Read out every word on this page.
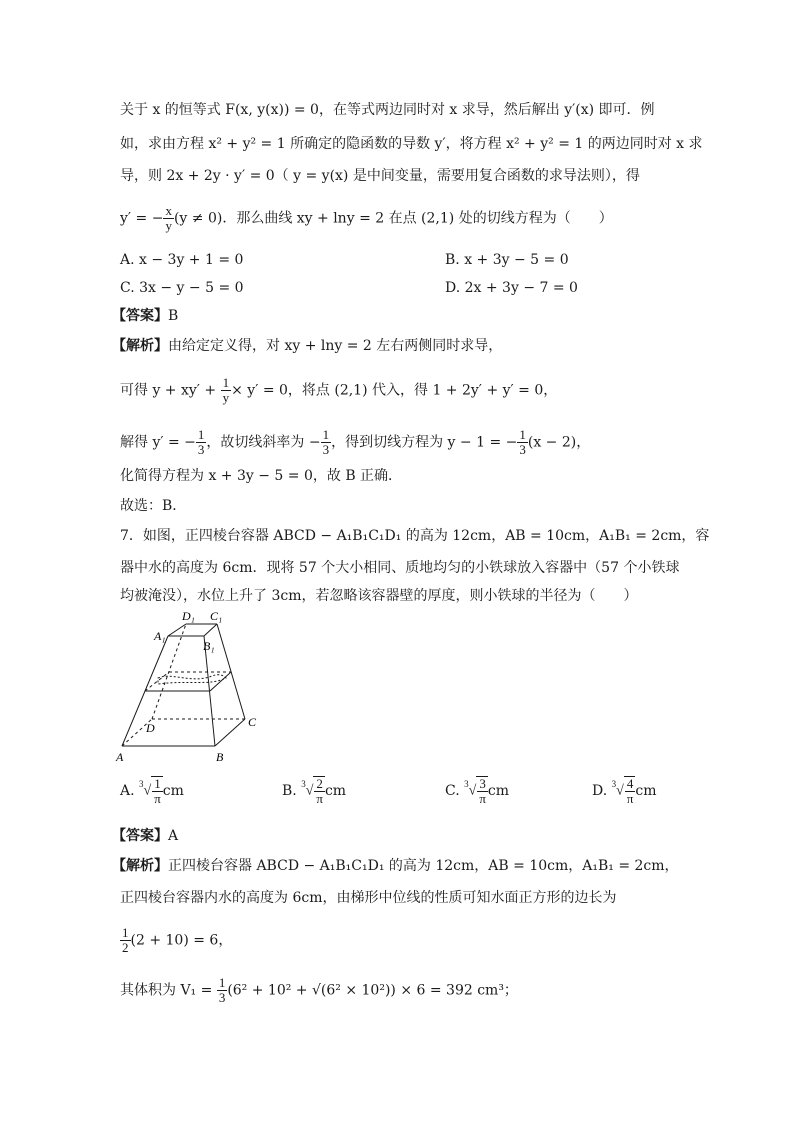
关于 x 的恒等式 F(x, y(x)) = 0，在等式两边同时对 x 求导，然后解出 y′(x) 即可．例
如，求由方程 x² + y² = 1 所确定的隐函数的导数 y′，将方程 x² + y² = 1 的两边同时对 x 求
导，则 2x + 2y · y′ = 0（ y = y(x) 是中间变量，需要用复合函数的求导法则），得
y′ = − $\frac{x}{y} (y \ne 0)$．那么曲线 xy + lny = 2 在点 (2,1) 处的切线方程为（　　）
A. x − 3y + 1 = 0	B. x + 3y − 5 = 0
C. 3x − y − 5 = 0	D. 2x + 3y − 7 = 0
【答案】B
【解析】由给定定义得，对 xy + lny = 2 左右两侧同时求导，
可得 $y + xy' + \frac{1}{y} \times y' = 0$，将点 (2,1) 代入，得 1 + 2y′ + y′ = 0，
解得 y′ = − $\frac{1}{3}$ ，故切线斜率为 − $\frac{1}{3}$ ，得到切线方程为 y − 1 = − $\frac{1}{3} (x - 2)$，
化简得方程为 x + 3y − 5 = 0，故 B 正确．
故选：B．
7．如图，正四棱台容器 ABCD − A₁B₁C₁D₁ 的高为 12cm，AB = 10cm，A₁B₁ = 2cm，容
器中水的高度为 6cm．现将 57 个大小相同、质地均匀的小铁球放入容器中（57 个小铁球
均被淹没），水位上升了 3cm，若忽略该容器壁的厚度，则小铁球的半径为（　　）
D₁ C₁
A₁
B₁
D	C
A	B
A. $^3√ \frac{1}{\pi}$ cm	B. $^3√ \frac{2}{\pi}$ cm	C. $^3√ \frac{3}{\pi}$ cm	D. $^3√ \frac{4}{\pi}$ cm
【答案】A
【解析】正四棱台容器 ABCD − A₁B₁C₁D₁ 的高为 12cm，AB = 10cm，A₁B₁ = 2cm，
正四棱台容器内水的高度为 6cm，由梯形中位线的性质可知水面正方形的边长为
$\frac{1}{2} (2 + 10) = 6$，
其体积为 $V_1 = \frac{1}{3} (6^2 + 10^2 + √(6^2 \times 10^2)) \times 6 = 392$ cm³；
